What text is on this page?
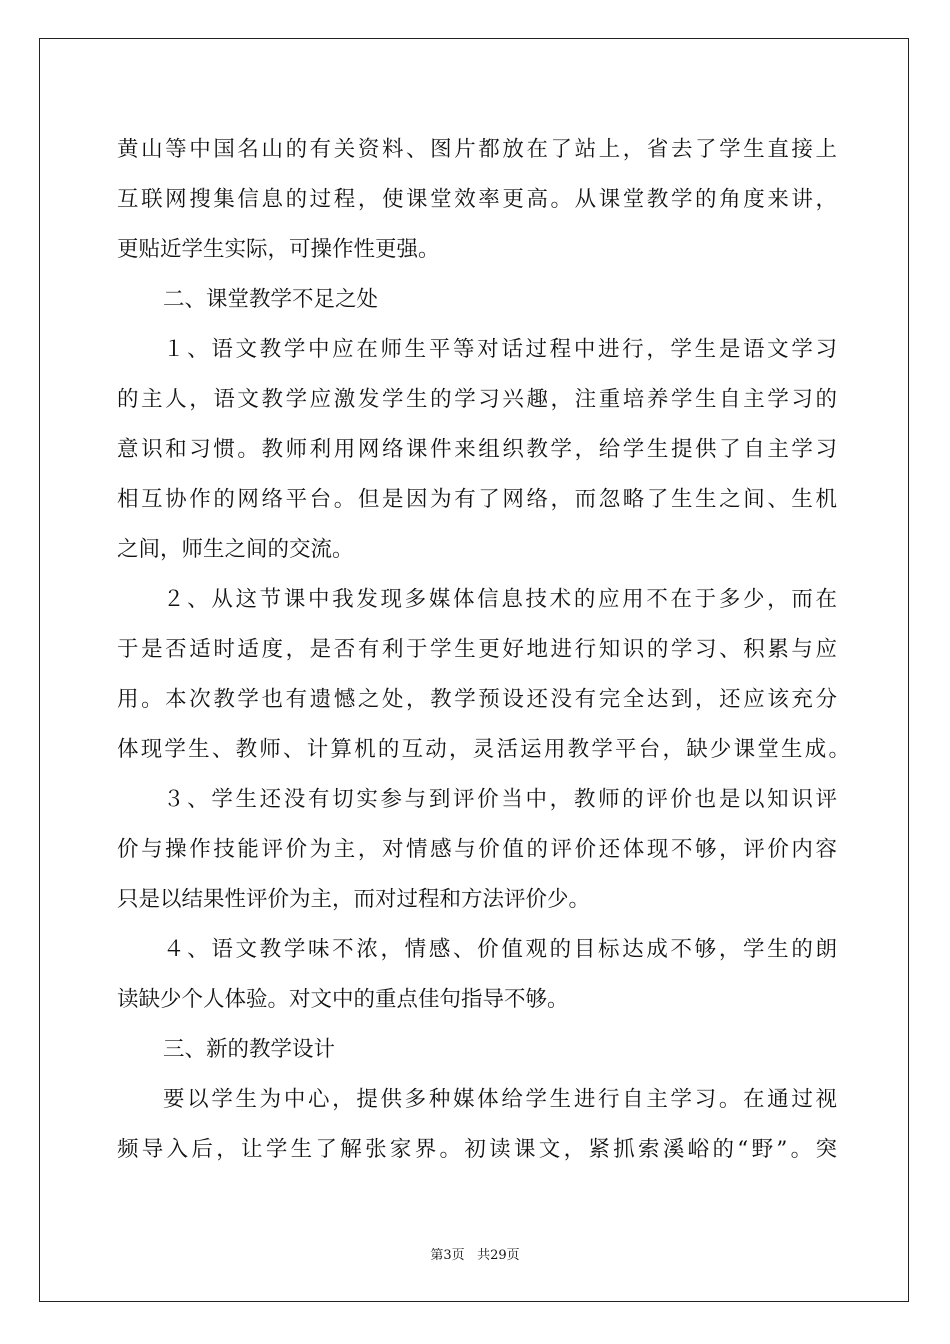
黄山等中国名山的有关资料、图片都放在了站上，省去了学生直接上
互联网搜集信息的过程，使课堂效率更高。从课堂教学的角度来讲，
更贴近学生实际，可操作性更强。
二、课堂教学不足之处
１、语文教学中应在师生平等对话过程中进行，学生是语文学习
的主人，语文教学应激发学生的学习兴趣，注重培养学生自主学习的
意识和习惯。教师利用网络课件来组织教学，给学生提供了自主学习
相互协作的网络平台。但是因为有了网络，而忽略了生生之间、生机
之间，师生之间的交流。
２、从这节课中我发现多媒体信息技术的应用不在于多少，而在
于是否适时适度，是否有利于学生更好地进行知识的学习、积累与应
用。本次教学也有遗憾之处，教学预设还没有完全达到，还应该充分
体现学生、教师、计算机的互动，灵活运用教学平台，缺少课堂生成。
３、学生还没有切实参与到评价当中，教师的评价也是以知识评
价与操作技能评价为主，对情感与价值的评价还体现不够，评价内容
只是以结果性评价为主，而对过程和方法评价少。
４、语文教学味不浓，情感、价值观的目标达成不够，学生的朗
读缺少个人体验。对文中的重点佳句指导不够。
三、新的教学设计
要以学生为中心，提供多种媒体给学生进行自主学习。在通过视
频导入后，让学生了解张家界。初读课文，紧抓索溪峪的“野”。突
第3页 共29页
